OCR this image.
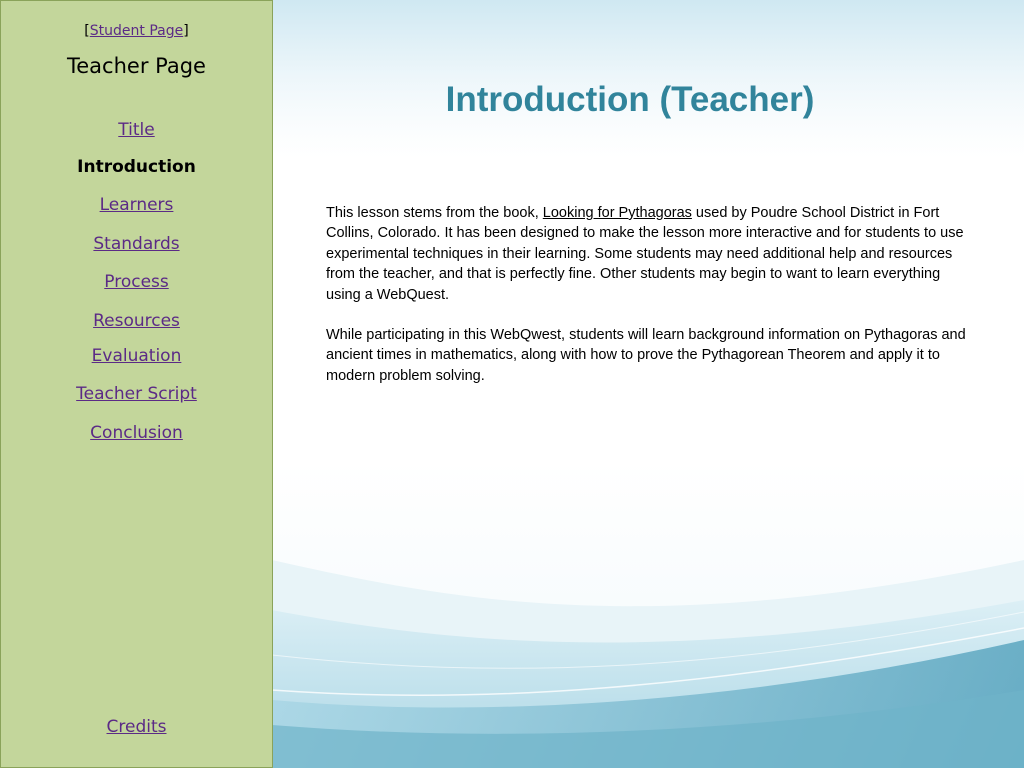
[Student Page]
Teacher Page
Title
Introduction
Learners
Standards
Process
Resources
Evaluation
Teacher Script
Conclusion
Credits
Introduction (Teacher)

This lesson stems from the book, Looking for Pythagoras used by Poudre School District in Fort Collins, Colorado. It has been designed to make the lesson more interactive and for students to use experimental techniques in their learning. Some students may need additional help and resources from the teacher, and that is perfectly fine. Other students may begin to want to learn everything using a WebQuest.

While participating in this WebQwest, students will learn background information on Pythagoras and ancient times in mathematics, along with how to prove the Pythagorean Theorem and apply it to modern problem solving.
